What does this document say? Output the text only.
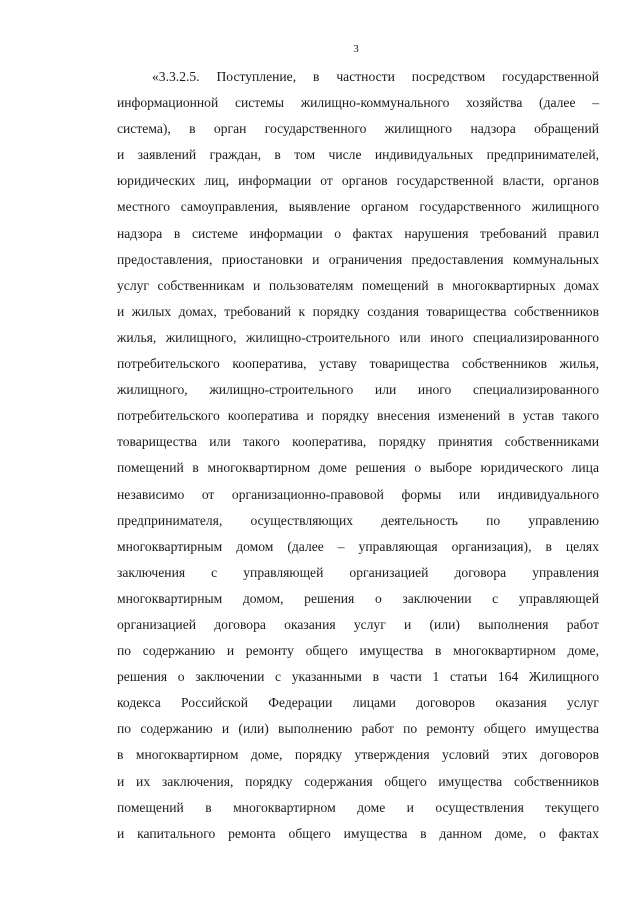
3
«3.3.2.5. Поступление, в частности посредством государственной
информационной системы жилищно-коммунального хозяйства (далее –
система), в орган государственного жилищного надзора обращений
и заявлений граждан, в том числе индивидуальных предпринимателей,
юридических лиц, информации от органов государственной власти, органов
местного самоуправления, выявление органом государственного жилищного
надзора в системе информации о фактах нарушения требований правил
предоставления, приостановки и ограничения предоставления коммунальных
услуг собственникам и пользователям помещений в многоквартирных домах
и жилых домах, требований к порядку создания товарищества собственников
жилья, жилищного, жилищно-строительного или иного специализированного
потребительского кооператива, уставу товарищества собственников жилья,
жилищного, жилищно-строительного или иного специализированного
потребительского кооператива и порядку внесения изменений в устав такого
товарищества или такого кооператива, порядку принятия собственниками
помещений в многоквартирном доме решения о выборе юридического лица
независимо от организационно-правовой формы или индивидуального
предпринимателя, осуществляющих деятельность по управлению
многоквартирным домом (далее – управляющая организация), в целях
заключения с управляющей организацией договора управления
многоквартирным домом, решения о заключении с управляющей
организацией договора оказания услуг и (или) выполнения работ
по содержанию и ремонту общего имущества в многоквартирном доме,
решения о заключении с указанными в части 1 статьи 164 Жилищного
кодекса Российской Федерации лицами договоров оказания услуг
по содержанию и (или) выполнению работ по ремонту общего имущества
в многоквартирном доме, порядку утверждения условий этих договоров
и их заключения, порядку содержания общего имущества собственников
помещений в многоквартирном доме и осуществления текущего
и капитального ремонта общего имущества в данном доме, о фактах
